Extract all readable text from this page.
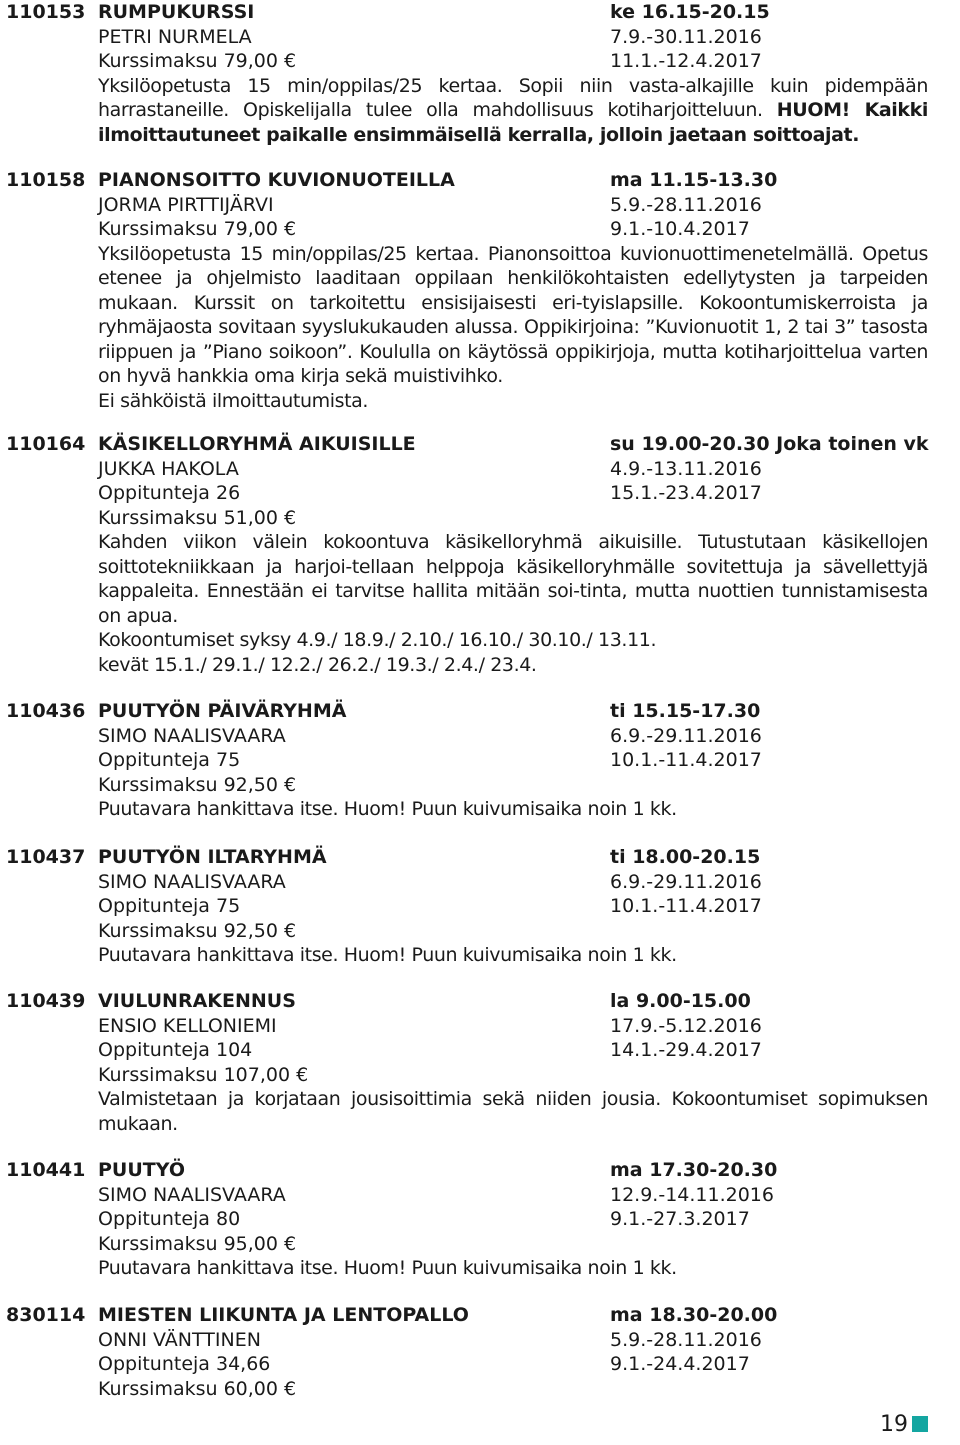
110153 RUMPUKURSSI	ke 16.15-20.15
PETRI NURMELA	7.9.-30.11.2016
Kurssimaksu 79,00 €	11.1.-12.4.2017

Yksilöopetusta 15 min/oppilas/25 kertaa. Sopii niin vasta-alkajille kuin pidempään harrastaneille. Opiskelijalla tulee olla mahdollisuus kotiharjoitteluun. HUOM! Kaikki ilmoittautuneet paikalle ensimmäisellä kerralla, jolloin jaetaan soittoajat.

110158 PIANONSOITTO KUVIONUOTEILLA	ma 11.15-13.30
JORMA PIRTTIJÄRVI	5.9.-28.11.2016
Kurssimaksu 79,00 €	9.1.-10.4.2017

Yksilöopetusta 15 min/oppilas/25 kertaa. Pianonsoittoa kuvionuottimenetelmällä. Opetus etenee ja ohjelmisto laaditaan oppilaan henkilökohtaisten edellytysten ja tarpeiden mukaan. Kurssit on tarkoitettu ensisijaisesti eri-tyislapsille. Kokoontumiskerroista ja ryhmäjaosta sovitaan syyslukukauden alussa. Oppikirjoina: ”Kuvionuotit 1, 2 tai 3” tasosta riippuen ja ”Piano soikoon”. Koululla on käytössä oppikirjoja, mutta kotiharjoittelua varten on hyvä hankkia oma kirja sekä muistivihko.

Ei sähköistä ilmoittautumista.

110164 KÄSIKELLORYHMÄ AIKUISILLE	su 19.00-20.30 Joka toinen vk
JUKKA HAKOLA	4.9.-13.11.2016
Oppitunteja 26	15.1.-23.4.2017
Kurssimaksu 51,00 €

Kahden viikon välein kokoontuva käsikelloryhmä aikuisille. Tutustutaan käsikellojen soittotekniikkaan ja harjoi-tellaan helppoja käsikelloryhmälle sovitettuja ja sävellettyjä kappaleita. Ennestään ei tarvitse hallita mitään soi-tinta, mutta nuottien tunnistamisesta on apua.

Kokoontumiset syksy 4.9./ 18.9./ 2.10./ 16.10./ 30.10./ 13.11.

kevät 15.1./ 29.1./ 12.2./ 26.2./ 19.3./ 2.4./ 23.4.

110436 PUUTYÖN PÄIVÄRYHMÄ	ti 15.15-17.30
SIMO NAALISVAARA	6.9.-29.11.2016
Oppitunteja 75	10.1.-11.4.2017
Kurssimaksu 92,50 €

Puutavara hankittava itse. Huom! Puun kuivumisaika noin 1 kk.

110437 PUUTYÖN ILTARYHMÄ	ti 18.00-20.15
SIMO NAALISVAARA	6.9.-29.11.2016
Oppitunteja 75	10.1.-11.4.2017
Kurssimaksu 92,50 €

Puutavara hankittava itse. Huom! Puun kuivumisaika noin 1 kk.

110439 VIULUNRAKENNUS	la 9.00-15.00
ENSIO KELLONIEMI	17.9.-5.12.2016
Oppitunteja 104	14.1.-29.4.2017
Kurssimaksu 107,00 €

Valmistetaan ja korjataan jousisoittimia sekä niiden jousia. Kokoontumiset sopimuksen mukaan.

110441 PUUTYÖ	ma 17.30-20.30
SIMO NAALISVAARA	12.9.-14.11.2016
Oppitunteja 80	9.1.-27.3.2017
Kurssimaksu 95,00 €

Puutavara hankittava itse. Huom! Puun kuivumisaika noin 1 kk.

830114 MIESTEN LIIKUNTA JA LENTOPALLO	ma 18.30-20.00
ONNI VÄNTTINEN	5.9.-28.11.2016
Oppitunteja 34,66	9.1.-24.4.2017
Kurssimaksu 60,00 €
19
